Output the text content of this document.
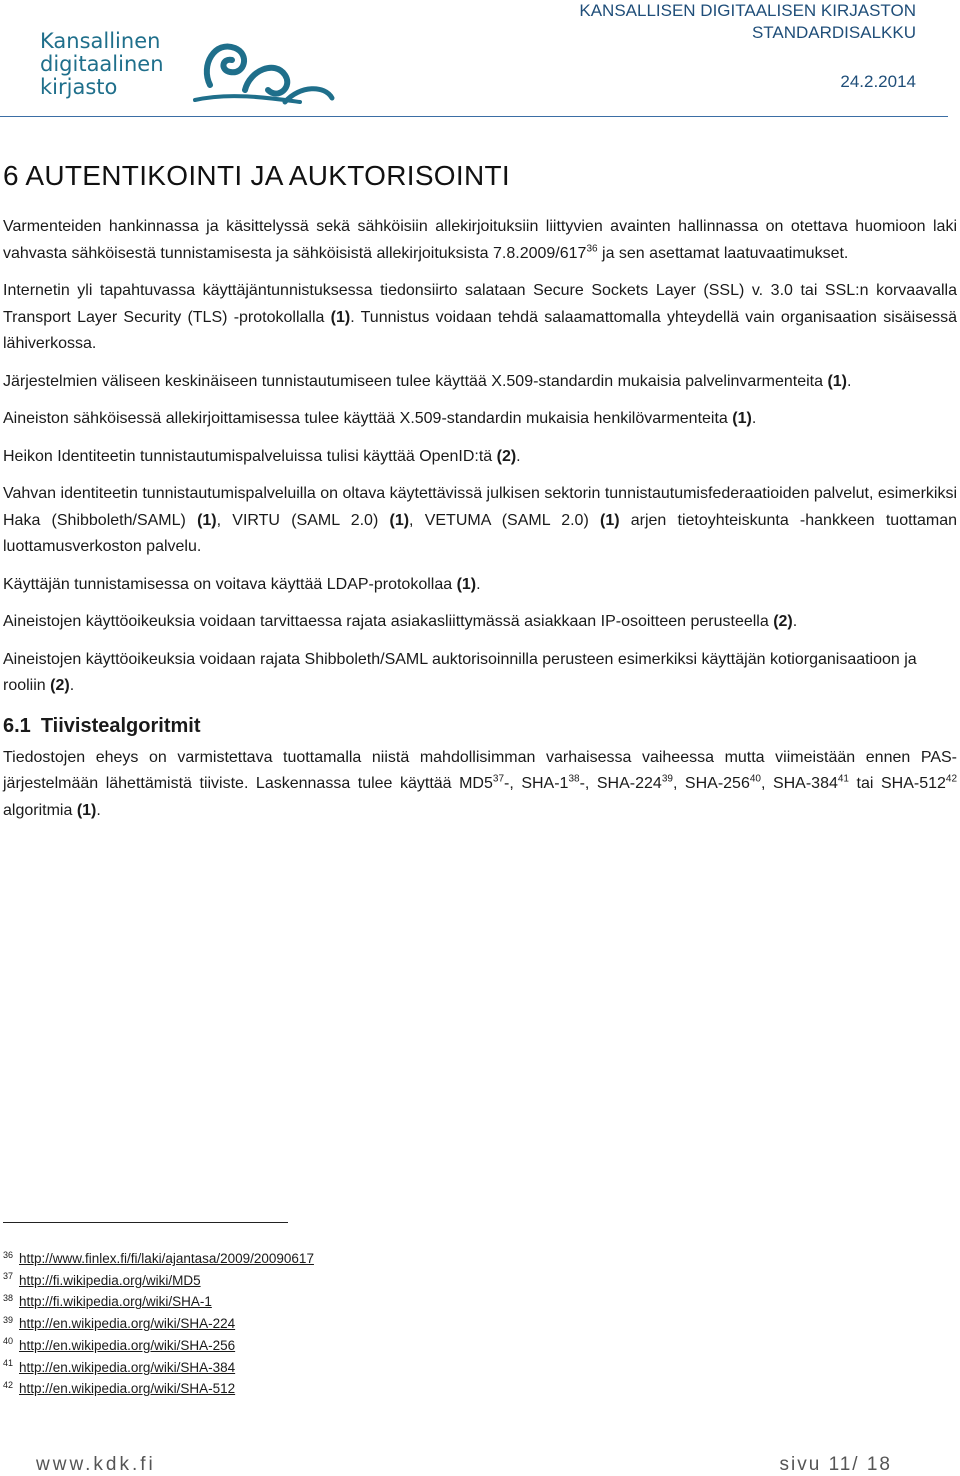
Kansallinen
digitaalinen
kirjasto
KANSALLISEN DIGITAALISEN KIRJASTON
STANDARDISALKKU
24.2.2014
6 AUTENTIKOINTI JA AUKTORISOINTI

Varmenteiden hankinnassa ja käsittelyssä sekä sähköisiin allekirjoituksiin liittyvien avainten hallinnassa on otettava huomioon laki vahvasta sähköisestä tunnistamisesta ja sähköisistä allekirjoituksista $7.8.2009/617^{36}$ ja sen asettamat laatuvaatimukset.

Internetin yli tapahtuvassa käyttäjäntunnistuksessa tiedonsiirto salataan Secure Sockets Layer (SSL) v. 3.0 tai SSL:n korvaavalla Transport Layer Security (TLS) -protokollalla (1). Tunnistus voidaan tehdä salaamattomalla yhteydellä vain organisaation sisäisessä lähiverkossa.

Järjestelmien väliseen keskinäiseen tunnistautumiseen tulee käyttää X.509-standardin mukaisia palvelinvarmenteita (1).

Aineiston sähköisessä allekirjoittamisessa tulee käyttää X.509-standardin mukaisia henkilövarmenteita (1).

Heikon Identiteetin tunnistautumispalveluissa tulisi käyttää OpenID:tä (2).

Vahvan identiteetin tunnistautumispalveluilla on oltava käytettävissä julkisen sektorin tunnistautumisfederaatioiden palvelut, esimerkiksi Haka (Shibboleth/SAML) (1), VIRTU (SAML 2.0) (1), VETUMA (SAML 2.0) (1) arjen tietoyhteiskunta -hankkeen tuottaman luottamusverkoston palvelu.

Käyttäjän tunnistamisessa on voitava käyttää LDAP-protokollaa (1).

Aineistojen käyttöoikeuksia voidaan tarvittaessa rajata asiakasliittymässä asiakkaan IP-osoitteen perusteella (2).

Aineistojen käyttöoikeuksia voidaan rajata Shibboleth/SAML auktorisoinnilla perusteen esimerkiksi käyttäjän kotiorganisaatioon ja rooliin (2).

6.1 Tiivistealgoritmit

Tiedostojen eheys on varmistettava tuottamalla niistä mahdollisimman varhaisessa vaiheessa mutta viimeistään ennen PAS-järjestelmään lähettämistä tiiviste. Laskennassa tulee käyttää $MD5^{37}-$, SHA-$1^{38}-$, SHA-$224^{39}$, SHA-$256^{40}$, SHA-$384^{41}$ tai SHA-$512^{42}$ algoritmia (1).

$^{36}$ http://www.finlex.fi/fi/laki/ajantasa/2009/20090617
$^{37}$ http://fi.wikipedia.org/wiki/MD5
$^{38}$ http://fi.wikipedia.org/wiki/SHA-1
$^{39}$ http://en.wikipedia.org/wiki/SHA-224
$^{40}$ http://en.wikipedia.org/wiki/SHA-256
$^{41}$ http://en.wikipedia.org/wiki/SHA-384
$^{42}$ http://en.wikipedia.org/wiki/SHA-512
www.kdk.fi	sivu 11/ 18
